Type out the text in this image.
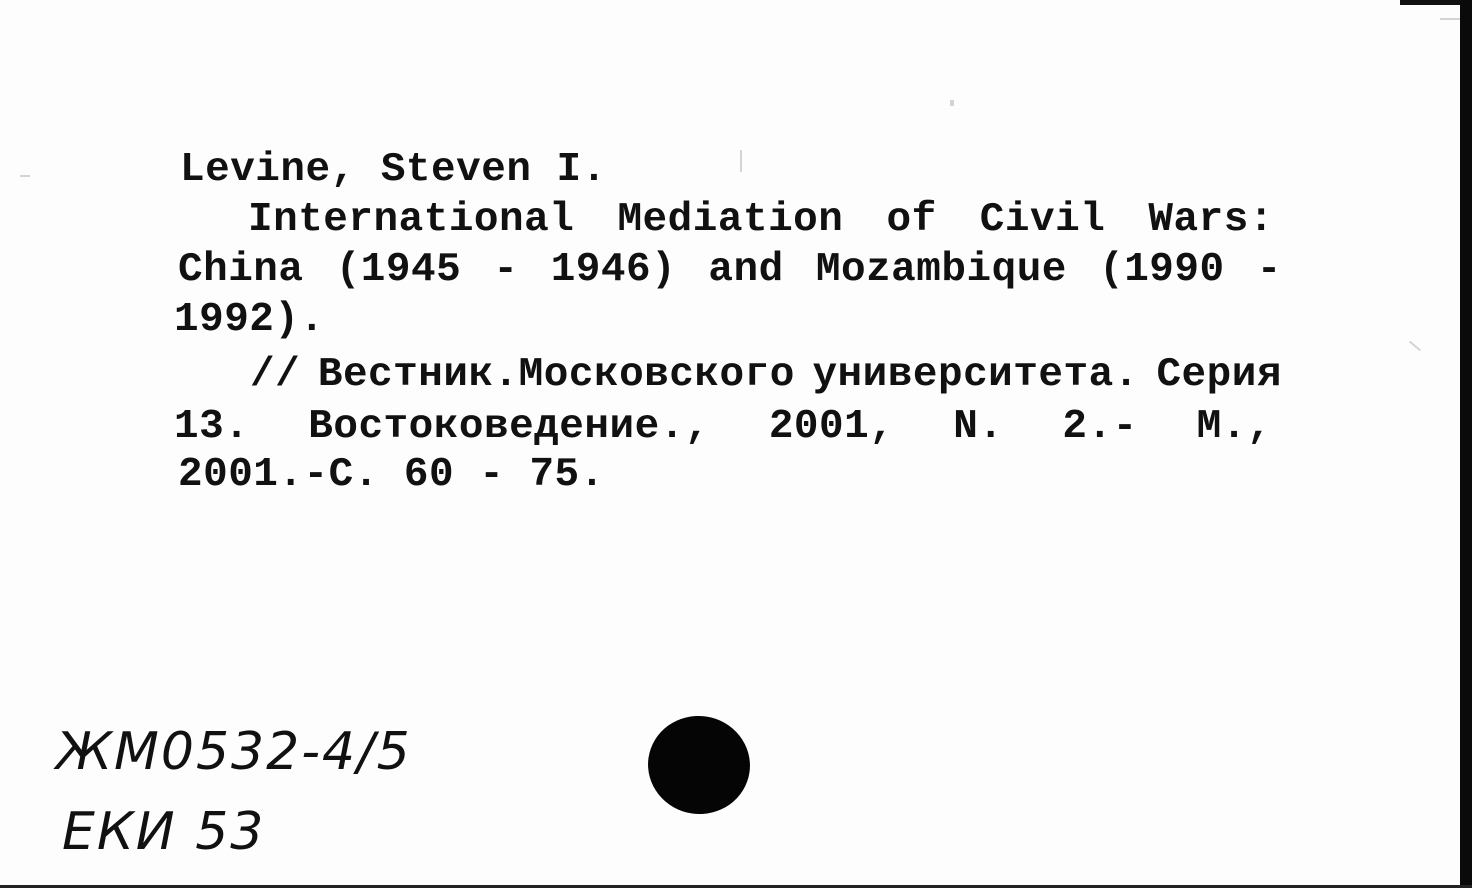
Levine, Steven I.
International Mediation of Civil Wars:
China (1945 - 1946) and Mozambique (1990 -
1992).
// Вестник.Московского университета. Серия
13. Востоковедение., 2001, N. 2.- М.,
2001.-С. 60 - 75.
ЖМ0532-4/5
ЕКИ 53
